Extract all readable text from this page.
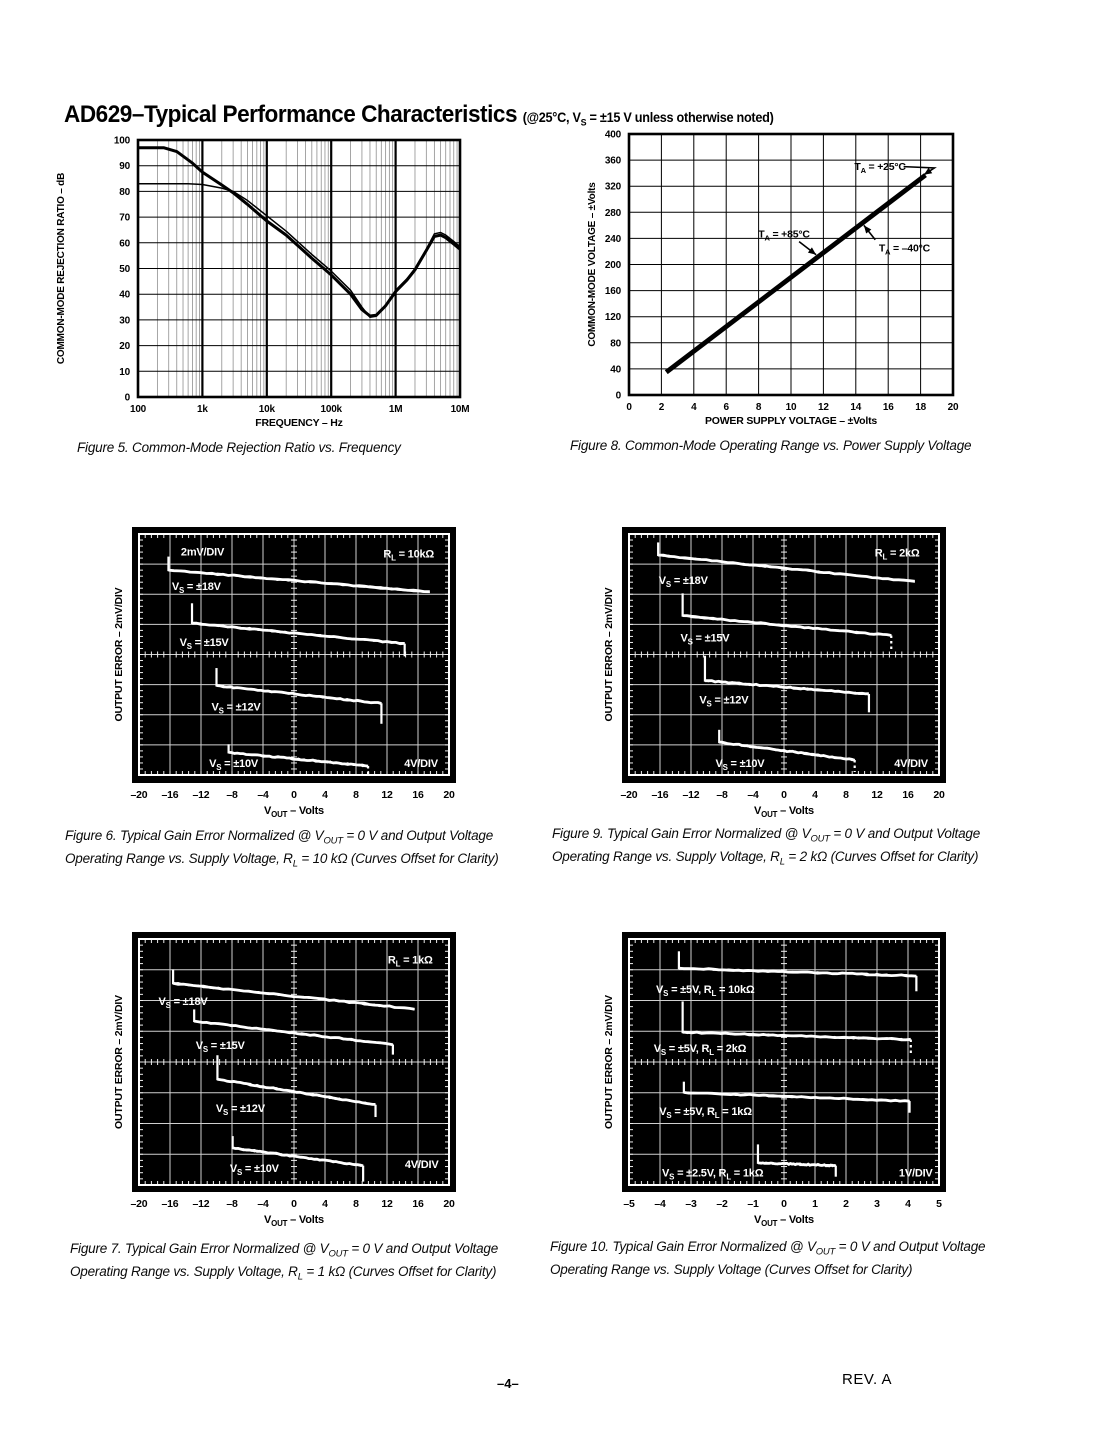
AD629–Typical Performance Characteristics (@25°C, $V_S = \pm 15$ V unless otherwise noted)
0
10
20
30
40
50
60
70
80
90
100
100	1k	10k	100k	1M	10M
FREQUENCY – Hz
COMMON-MODE REJECTION RATIO – dB
Figure 5. Common-Mode Rejection Ratio vs. Frequency
$T_A = +25^\circ C$
$T_A = +85^\circ C$
$T_A = -40^\circ C$
0	2	4	6	8 10 12 14 16 18 20
0
40
80
120
160
200
240
280
320
360
400
POWER SUPPLY VOLTAGE – ±Volts
COMMON-MODE VOLTAGE – ±Volts
Figure 8. Common-Mode Operating Range vs. Power Supply Voltage
2mV/DIV	$R_L = 10k\Omega$
$V_S = \pm 18V$
$V_S = \pm 15V$
$V_S = \pm 12V$
$V_S = \pm 10V$	4V/DIV
–20 –16 –12 –8 –4 0 4 8 12 16 20
$V_{OUT}$ – Volts
OUTPUT ERROR – 2mV/DIV
Figure 6. Typical Gain Error Normalized @ $V_{OUT} = 0$ V and Output Voltage Operating Range vs. Supply Voltage, $R_L = 10$ kΩ (Curves Offset for Clarity)
$R_L = 2k\Omega$
$V_S = \pm 18V$
$V_S = \pm 15V$
$V_S = \pm 12V$
$V_S = \pm 10V$	4V/DIV
–20 –16 –12 –8 –4 0 4 8 12 16 20
$V_{OUT}$ – Volts
OUTPUT ERROR – 2mV/DIV
Figure 9. Typical Gain Error Normalized @ $V_{OUT} = 0$ V and Output Voltage Operating Range vs. Supply Voltage, $R_L = 2$ kΩ (Curves Offset for Clarity)
$R_L = 1k\Omega$
$V_S = \pm 18V$
$V_S = \pm 15V$
$V_S = \pm 12V$
$V_S = \pm 10V$	4V/DIV
–20 –16 –12 –8 –4 0 4 8 12 16 20
$V_{OUT}$ – Volts
OUTPUT ERROR – 2mV/DIV
Figure 7. Typical Gain Error Normalized @ $V_{OUT} = 0$ V and Output Voltage Operating Range vs. Supply Voltage, $R_L = 1$ kΩ (Curves Offset for Clarity)
$V_S = \pm 5V$, $R_L = 10k\Omega$
$V_S = \pm 5V$, $R_L = 2k\Omega$
$V_S = \pm 5V$, $R_L = 1k\Omega$
$V_S = \pm 2.5V$, $R_L = 1k\Omega$	1V/DIV
–5 –4 –3 –2 –1 0 1 2 3 4 5
$V_{OUT}$ – Volts
OUTPUT ERROR – 2mV/DIV
Figure 10. Typical Gain Error Normalized @ $V_{OUT} = 0$ V and Output Voltage Operating Range vs. Supply Voltage (Curves Offset for Clarity)
–4–	REV. A
